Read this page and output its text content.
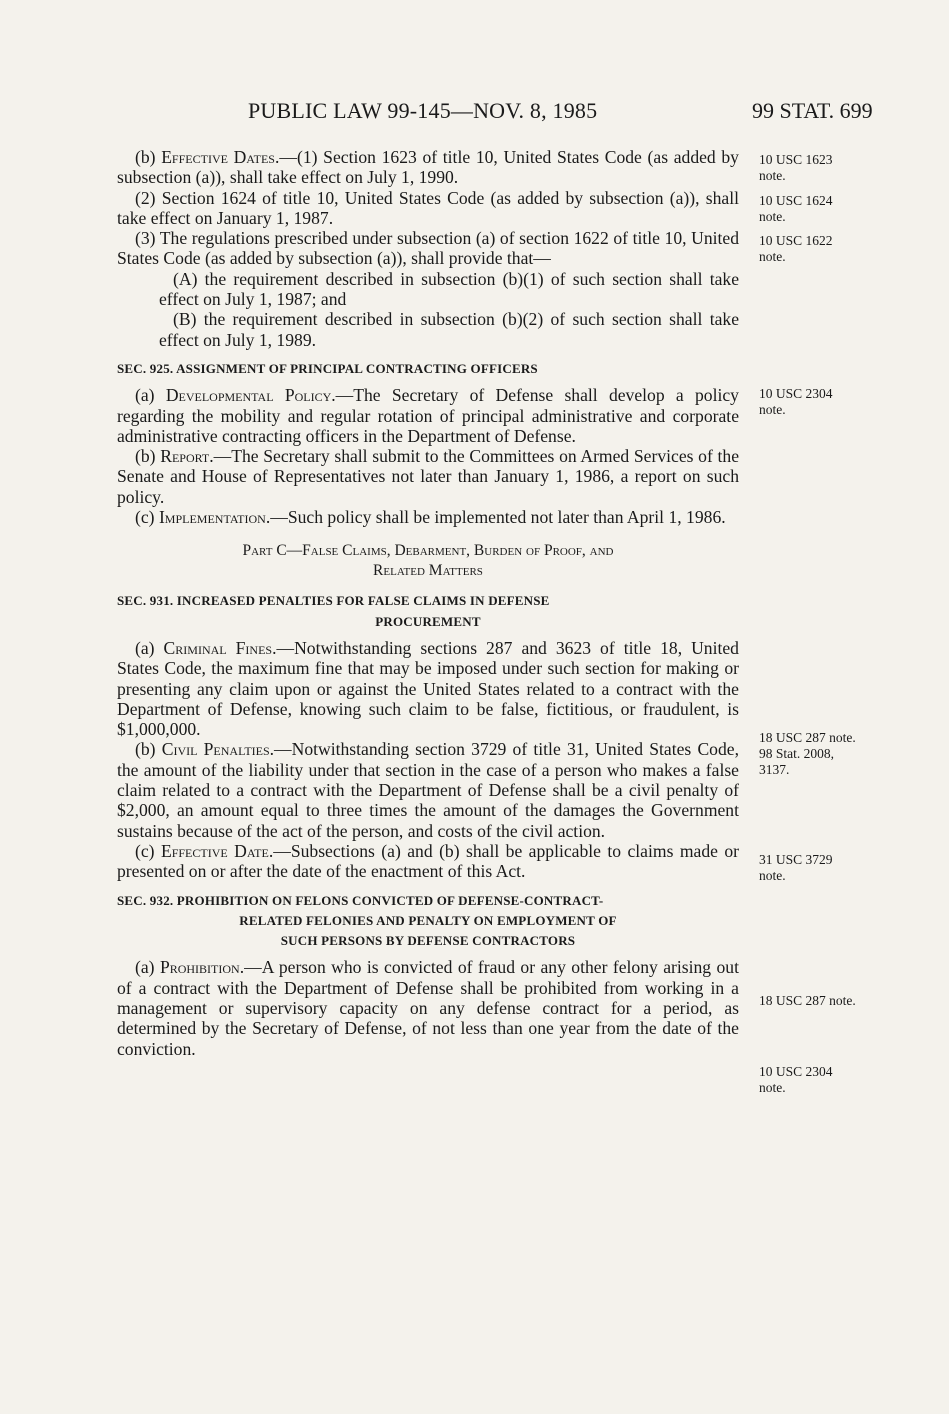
PUBLIC LAW 99-145—NOV. 8, 1985	99 STAT. 699

(b) Effective Dates.—(1) Section 1623 of title 10, United States Code (as added by subsection (a)), shall take effect on July 1, 1990.

(2) Section 1624 of title 10, United States Code (as added by subsection (a)), shall take effect on January 1, 1987.

(3) The regulations prescribed under subsection (a) of section 1622 of title 10, United States Code (as added by subsection (a)), shall provide that—

(A) the requirement described in subsection (b)(1) of such section shall take effect on July 1, 1987; and

(B) the requirement described in subsection (b)(2) of such section shall take effect on July 1, 1989.

SEC. 925. ASSIGNMENT OF PRINCIPAL CONTRACTING OFFICERS

(a) Developmental Policy.—The Secretary of Defense shall develop a policy regarding the mobility and regular rotation of principal administrative and corporate administrative contracting officers in the Department of Defense.

(b) Report.—The Secretary shall submit to the Committees on Armed Services of the Senate and House of Representatives not later than January 1, 1986, a report on such policy.

(c) Implementation.—Such policy shall be implemented not later than April 1, 1986.

Part C—False Claims, Debarment, Burden of Proof, and
Related Matters
SEC. 931. INCREASED PENALTIES FOR FALSE CLAIMS IN DEFENSE
PROCUREMENT

(a) Criminal Fines.—Notwithstanding sections 287 and 3623 of title 18, United States Code, the maximum fine that may be imposed under such section for making or presenting any claim upon or against the United States related to a contract with the Department of Defense, knowing such claim to be false, fictitious, or fraudulent, is $1,000,000.

(b) Civil Penalties.—Notwithstanding section 3729 of title 31, United States Code, the amount of the liability under that section in the case of a person who makes a false claim related to a contract with the Department of Defense shall be a civil penalty of $2,000, an amount equal to three times the amount of the damages the Government sustains because of the act of the person, and costs of the civil action.

(c) Effective Date.—Subsections (a) and (b) shall be applicable to claims made or presented on or after the date of the enactment of this Act.

SEC. 932. PROHIBITION ON FELONS CONVICTED OF DEFENSE-CONTRACT-
RELATED FELONIES AND PENALTY ON EMPLOYMENT OF
SUCH PERSONS BY DEFENSE CONTRACTORS

(a) Prohibition.—A person who is convicted of fraud or any other felony arising out of a contract with the Department of Defense shall be prohibited from working in a management or supervisory capacity on any defense contract for a period, as determined by the Secretary of Defense, of not less than one year from the date of the conviction.

10 USC 1623
note.
10 USC 1624
note.
10 USC 1622
note.
10 USC 2304
note.
18 USC 287 note.
98 Stat. 2008,
3137.
31 USC 3729
note.
18 USC 287 note.
10 USC 2304
note.
